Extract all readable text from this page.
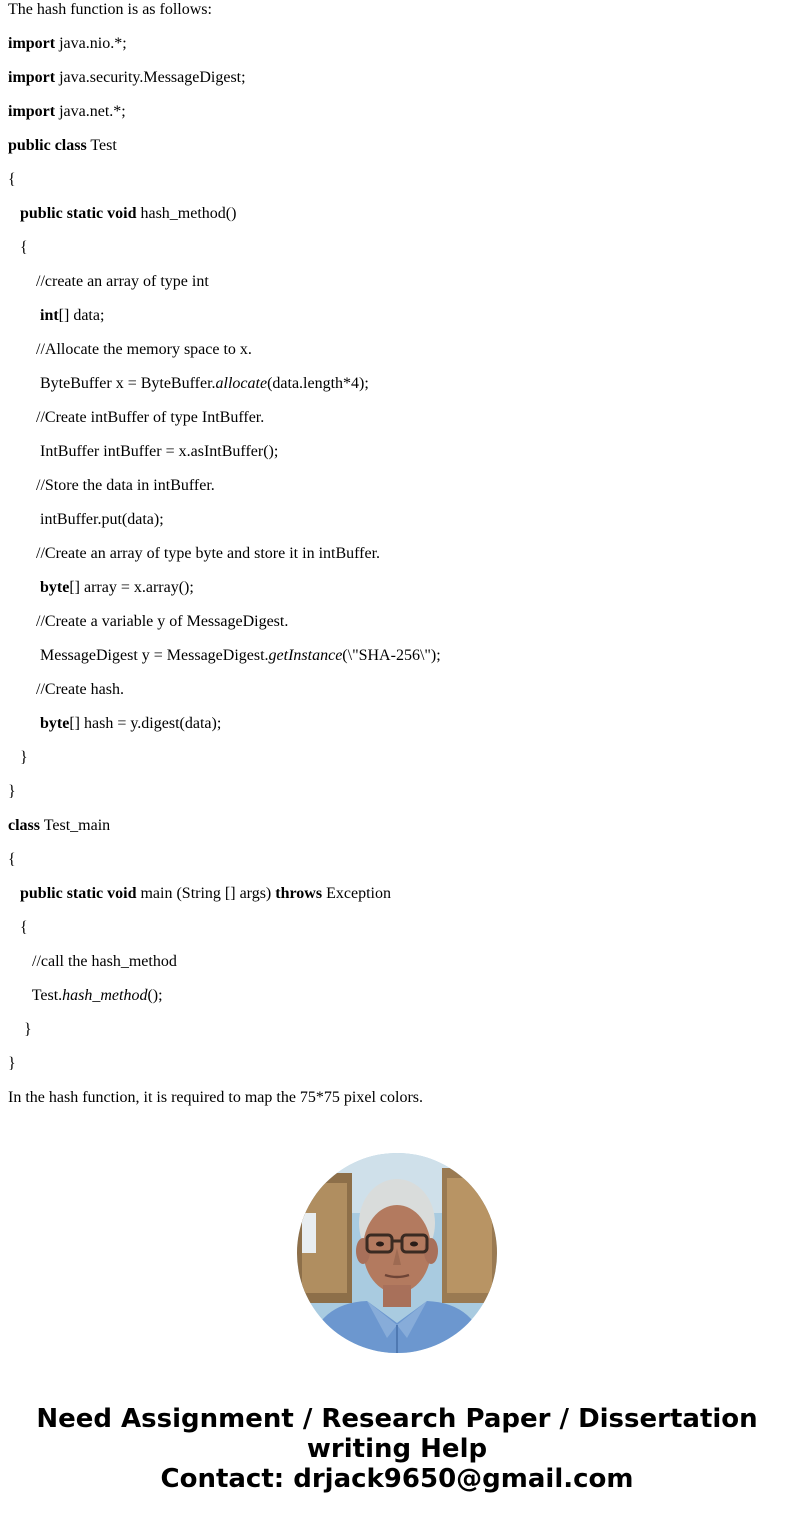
The hash function is as follows:
import java.nio.*;
import java.security.MessageDigest;
import java.net.*;
public class Test
{
public static void hash_method()
{
//create an array of type int
int[] data;
//Allocate the memory space to x.
ByteBuffer x = ByteBuffer.allocate(data.length*4);
//Create intBuffer of type IntBuffer.
IntBuffer intBuffer = x.asIntBuffer();
//Store the data in intBuffer.
intBuffer.put(data);
//Create an array of type byte and store it in intBuffer.
byte[] array = x.array();
//Create a variable y of MessageDigest.
MessageDigest y = MessageDigest.getInstance(\"SHA-256\");
//Create hash.
byte[] hash = y.digest(data);
}
}
class Test_main
{
public static void main (String [] args) throws Exception
{
//call the hash_method
Test.hash_method();
}
}
In the hash function, it is required to map the 75*75 pixel colors.
Need Assignment / Research Paper / Dissertation
writing Help
Contact: drjack9650@gmail.com
